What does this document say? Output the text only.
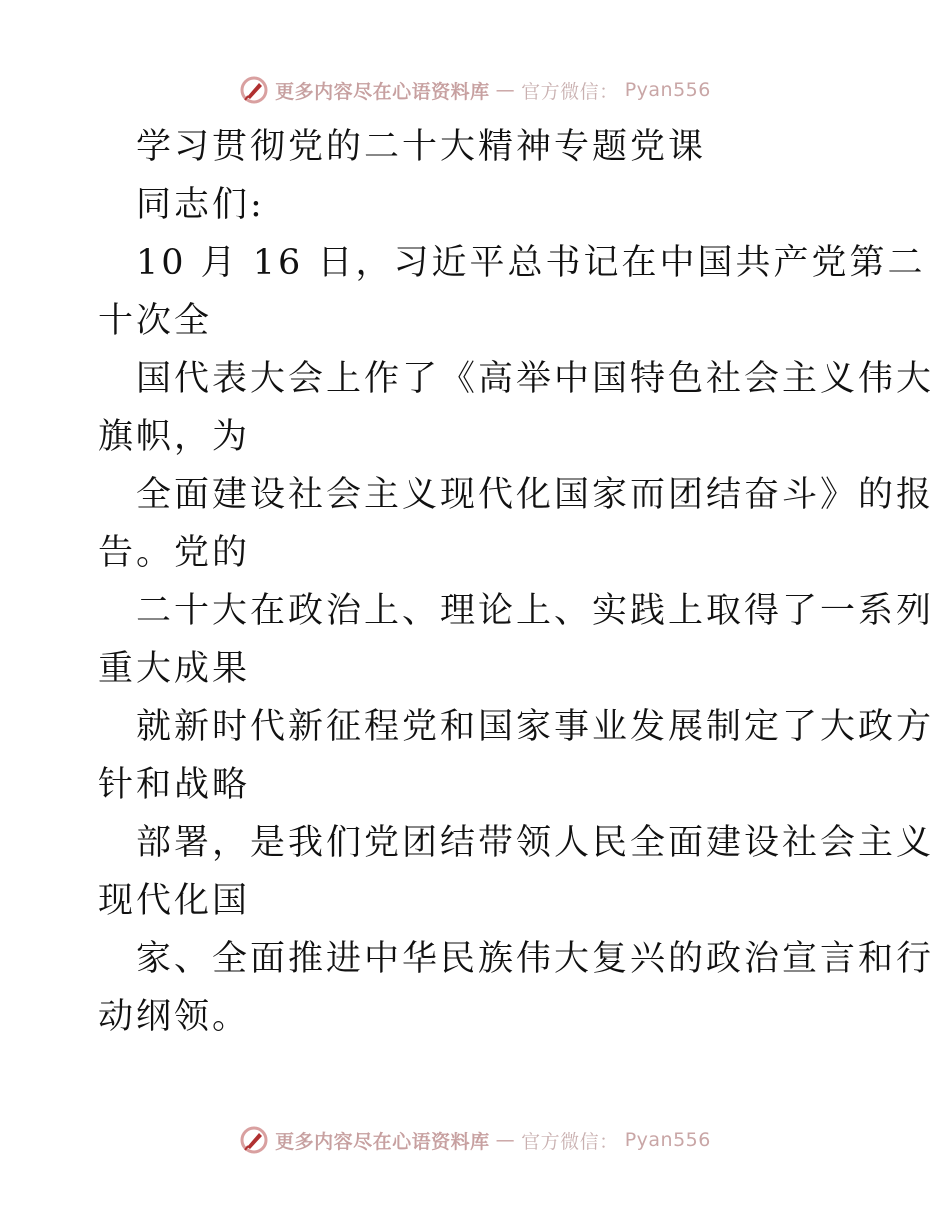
更多内容尽在心语资料库 — 官方微信： Pyan556
学习贯彻党的二十大精神专题党课
同志们:
10 月 16 日，习近平总书记在中国共产党第二
十次全
国代表大会上作了《高举中国特色社会主义伟大
旗帜，为
全面建设社会主义现代化国家而团结奋斗》的报
告。党的
二十大在政治上、理论上、实践上取得了一系列
重大成果
就新时代新征程党和国家事业发展制定了大政方
针和战略
部署，是我们党团结带领人民全面建设社会主义
现代化国
家、全面推进中华民族伟大复兴的政治宣言和行
动纲领。
更多内容尽在心语资料库 — 官方微信： Pyan556
